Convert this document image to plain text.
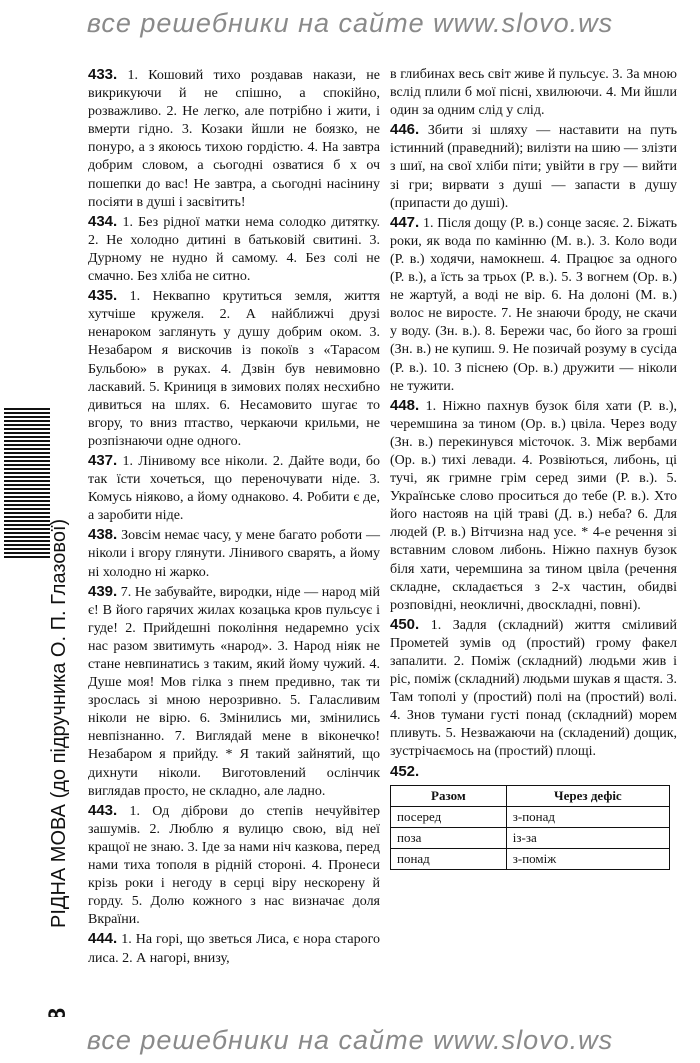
все решебники на сайте www.slovo.ws
РІДНА МОВА (до підручника О. П. Глазової)

433. 1. Кошовий тихо роздавав накази, не викрикуючи й не спішно, а спокійно, розважливо. 2. Не легко, але потрібно і жити, і вмерти гідно. 3. Козаки йшли не боязко, не понуро, а з якоюсь тихою гордістю. 4. На завтра добрим словом, а сьогодні озватися б х оч пошепки до вас! Не завтра, а сьогодні насінину посіяти в душі і засвітить!

434. 1. Без рідної матки нема солодко дитятку. 2. Не холодно дитині в батьковій свитині. 3. Дурному не нудно й самому. 4. Без солі не смачно. Без хліба не ситно.

435. 1. Неквапно крутиться земля, життя хутчіше кружеля. 2. А найближчі друзі ненароком заглянуть у душу добрим оком. 3. Незабаром я вискочив із покоїв з «Тарасом Бульбою» в руках. 4. Дзвін був невимовно ласкавий. 5. Криниця в зимових полях несхибно дивиться на шлях. 6. Несамовито шугає то вгору, то вниз птаство, черкаючи крильми, не розпізнаючи одне одного.

437. 1. Лінивому все ніколи. 2. Дайте води, бо так їсти хочеться, що переночувати ніде. 3. Комусь ніяково, а йому однаково. 4. Робити є де, а заробити ніде.

438. Зовсім немає часу, у мене багато роботи — ніколи і вгору глянути. Лінивого сварять, а йому ні холодно ні жарко.

439. 7. Не забувайте, виродки, ніде — народ мій є! В його гарячих жилах козацька кров пульсує і гуде! 2. Прийдешні покоління недаремно усіх нас разом звитимуть «народ». 3. Народ ніяк не стане невпинатись з таким, який йому чужий. 4. Душе моя! Мов гілка з пнем предивно, так ти зрослась зі мною нерозривно. 5. Галасливим ніколи не вірю. 6. Змінились ми, змінились невпізнанно. 7. Виглядай мене в віконечко! Незабаром я прийду. * Я такий зайнятий, що дихнути ніколи. Виготовлений ослінчик виглядав просто, не складно, але ладно.

443. 1. Од діброви до степів нечуйвітер зашумів. 2. Люблю я вулицю свою, від неї кращої не знаю. 3. Іде за нами ніч казкова, перед нами тиха тополя в рідній стороні. 4. Пронеси крізь роки і негоду в серці віру нескорену й горду. 5. Долю кожного з нас визначає доля Вкраїни.

444. 1. На горі, що зветься Лиса, є нора старого лиса. 2. А нагорі, внизу,

в глибинах весь світ живе й пульсує. 3. За мною вслід плили б мої пісні, хвилюючи. 4. Ми йшли один за одним слід у слід.

446. Збити зі шляху — наставити на путь істинний (праведний); вилізти на шию — злізти з шиї, на свої хліби піти; увійти в гру — вийти зі гри; вирвати з душі — запасти в душу (припасти до душі).

447. 1. Після дощу (Р. в.) сонце засяє. 2. Біжать роки, як вода по камінню (М. в.). 3. Коло води (Р. в.) ходячи, намокнеш. 4. Працює за одного (Р. в.), а їсть за трьох (Р. в.). 5. З вогнем (Ор. в.) не жартуй, а воді не вір. 6. На долоні (М. в.) волос не виросте. 7. Не знаючи броду, не скачи у воду. (Зн. в.). 8. Бережи час, бо його за гроші (Зн. в.) не купиш. 9. Не позичай розуму в сусіда (Р. в.). 10. З піснею (Ор. в.) дружити — ніколи не тужити.

448. 1. Ніжно пахнув бузок біля хати (Р. в.), черемшина за тином (Ор. в.) цвіла. Через воду (Зн. в.) перекинувся місточок. 3. Між вербами (Ор. в.) тихі левади. 4. Розвіються, либонь, ці тучі, як гримне грім серед зими (Р. в.). 5. Українське слово проситься до тебе (Р. в.). Хто його настояв на цій траві (Д. в.) неба? 6. Для людей (Р. в.) Вітчизна над усе. * 4-е речення зі вставним словом либонь. Ніжно пахнув бузок біля хати, черемшина за тином цвіла (речення складне, складається з 2-х частин, обидві розповідні, неокличні, двоскладні, повні).

450. 1. Задля (складний) життя сміливий Прометей зумів од (простий) грому факел запалити. 2. Поміж (складний) людьми жив і ріс, поміж (складний) людьми шукав я щастя. 3. Там тополі у (простий) полі на (простий) волі. 4. Знов тумани густі понад (складний) морем пливуть. 5. Незважаючи на (складений) дощик, зустрічаємось на (простий) площі.

452.

Разом	Через дефіс
посеред	з-понад
поза	із-за
понад	з-поміж
все решебники на сайте www.slovo.ws
